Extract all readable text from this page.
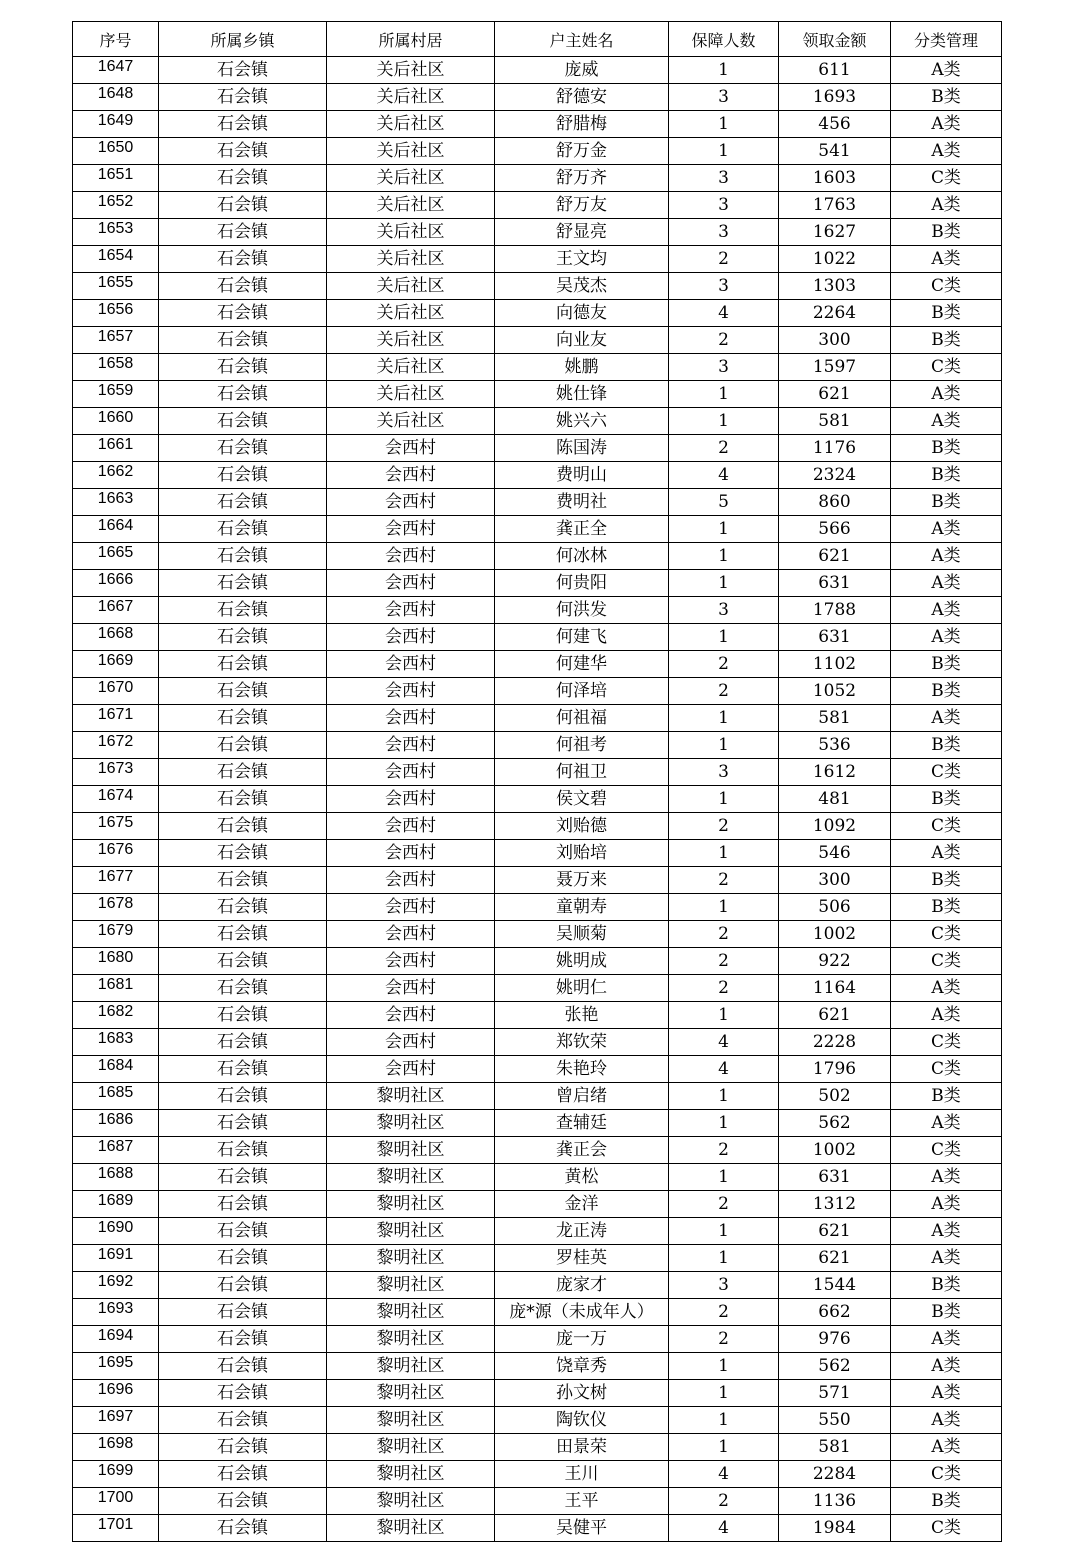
序号	所属乡镇	所属村居	户主姓名	保障人数	领取金额	分类管理
1647	石会镇	关后社区	庞威	1	611	A类
1648	石会镇	关后社区	舒德安	3	1693	B类
1649	石会镇	关后社区	舒腊梅	1	456	A类
1650	石会镇	关后社区	舒万金	1	541	A类
1651	石会镇	关后社区	舒万齐	3	1603	C类
1652	石会镇	关后社区	舒万友	3	1763	A类
1653	石会镇	关后社区	舒显亮	3	1627	B类
1654	石会镇	关后社区	王文均	2	1022	A类
1655	石会镇	关后社区	吴茂杰	3	1303	C类
1656	石会镇	关后社区	向德友	4	2264	B类
1657	石会镇	关后社区	向业友	2	300	B类
1658	石会镇	关后社区	姚鹏	3	1597	C类
1659	石会镇	关后社区	姚仕锋	1	621	A类
1660	石会镇	关后社区	姚兴六	1	581	A类
1661	石会镇	会西村	陈国涛	2	1176	B类
1662	石会镇	会西村	费明山	4	2324	B类
1663	石会镇	会西村	费明社	5	860	B类
1664	石会镇	会西村	龚正全	1	566	A类
1665	石会镇	会西村	何冰林	1	621	A类
1666	石会镇	会西村	何贵阳	1	631	A类
1667	石会镇	会西村	何洪发	3	1788	A类
1668	石会镇	会西村	何建飞	1	631	A类
1669	石会镇	会西村	何建华	2	1102	B类
1670	石会镇	会西村	何泽培	2	1052	B类
1671	石会镇	会西村	何祖福	1	581	A类
1672	石会镇	会西村	何祖考	1	536	B类
1673	石会镇	会西村	何祖卫	3	1612	C类
1674	石会镇	会西村	侯文碧	1	481	B类
1675	石会镇	会西村	刘贻德	2	1092	C类
1676	石会镇	会西村	刘贻培	1	546	A类
1677	石会镇	会西村	聂万来	2	300	B类
1678	石会镇	会西村	童朝寿	1	506	B类
1679	石会镇	会西村	吴顺菊	2	1002	C类
1680	石会镇	会西村	姚明成	2	922	C类
1681	石会镇	会西村	姚明仁	2	1164	A类
1682	石会镇	会西村	张艳	1	621	A类
1683	石会镇	会西村	郑钦荣	4	2228	C类
1684	石会镇	会西村	朱艳玲	4	1796	C类
1685	石会镇	黎明社区	曾启绪	1	502	B类
1686	石会镇	黎明社区	查辅廷	1	562	A类
1687	石会镇	黎明社区	龚正会	2	1002	C类
1688	石会镇	黎明社区	黄松	1	631	A类
1689	石会镇	黎明社区	金洋	2	1312	A类
1690	石会镇	黎明社区	龙正涛	1	621	A类
1691	石会镇	黎明社区	罗桂英	1	621	A类
1692	石会镇	黎明社区	庞家才	3	1544	B类
1693	石会镇	黎明社区	庞*源（未成年人）	2	662	B类
1694	石会镇	黎明社区	庞一万	2	976	A类
1695	石会镇	黎明社区	饶章秀	1	562	A类
1696	石会镇	黎明社区	孙文树	1	571	A类
1697	石会镇	黎明社区	陶钦仪	1	550	A类
1698	石会镇	黎明社区	田景荣	1	581	A类
1699	石会镇	黎明社区	王川	4	2284	C类
1700	石会镇	黎明社区	王平	2	1136	B类
1701	石会镇	黎明社区	吴健平	4	1984	C类
